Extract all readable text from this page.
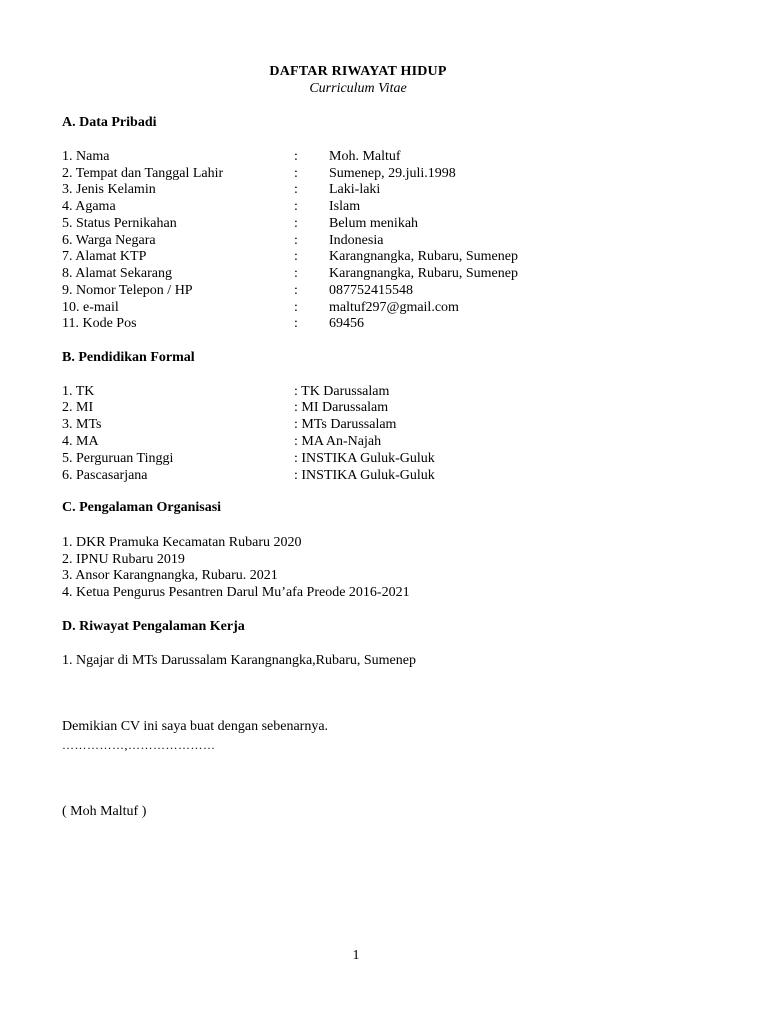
DAFTAR RIWAYAT HIDUP
Curriculum Vitae
A. Data Pribadi
1. Nama	: Moh. Maltuf
2. Tempat dan Tanggal Lahir	: Sumenep, 29.juli.1998
3. Jenis Kelamin	: Laki-laki
4. Agama	: Islam
5. Status Pernikahan	: Belum menikah
6. Warga Negara	: Indonesia
7. Alamat KTP	: Karangnangka, Rubaru, Sumenep
8. Alamat Sekarang	: Karangnangka, Rubaru, Sumenep
9. Nomor Telepon / HP	: 087752415548
10. e-mail	: maltuf297@gmail.com
11. Kode Pos	: 69456
B. Pendidikan Formal
1. TK	: TK Darussalam
2. MI	: MI Darussalam
3. MTs	: MTs Darussalam
4. MA	: MA An-Najah
5. Perguruan Tinggi	: INSTIKA Guluk-Guluk
6. Pascasarjana	: INSTIKA Guluk-Guluk
C. Pengalaman Organisasi
1. DKR Pramuka Kecamatan Rubaru 2020
2. IPNU Rubaru 2019
3. Ansor Karangnangka, Rubaru. 2021
4. Ketua Pengurus Pesantren Darul Mu’afa Preode 2016-2021
D. Riwayat Pengalaman Kerja
1. Ngajar di MTs Darussalam Karangnangka,Rubaru, Sumenep
Demikian CV ini saya buat dengan sebenarnya.
……………,…………………
( Moh Maltuf )
1
